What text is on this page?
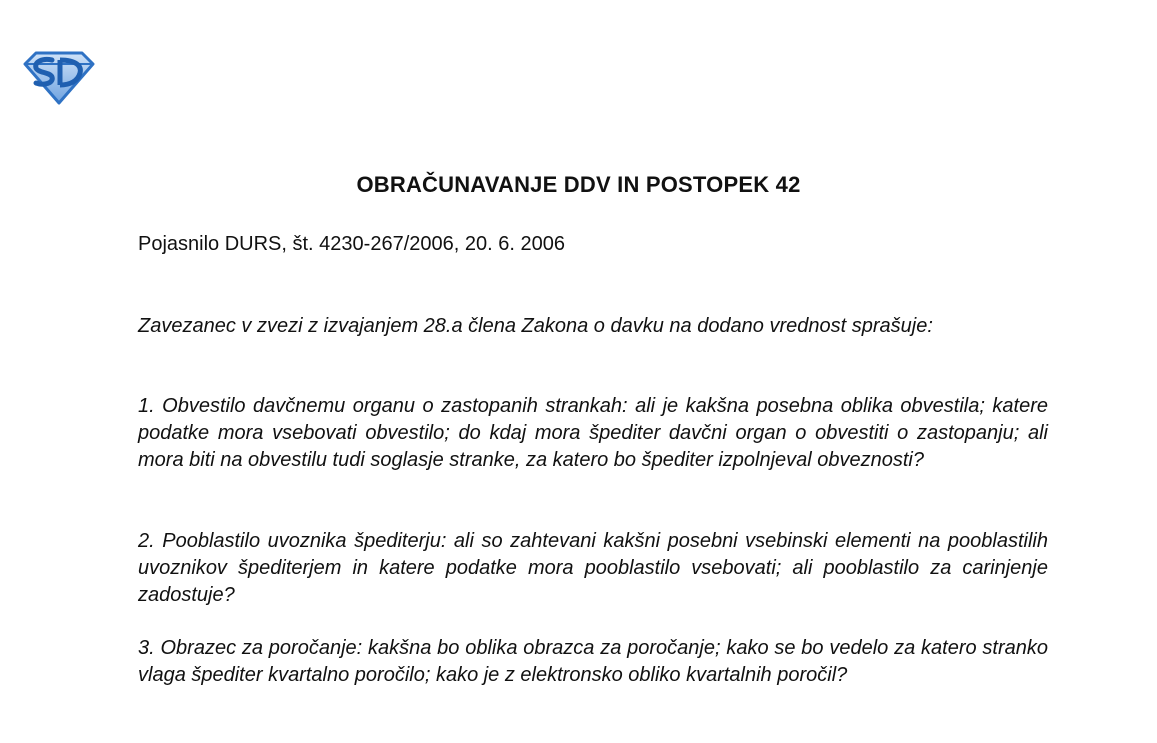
OBRAČUNAVANJE DDV IN POSTOPEK 42

Pojasnilo DURS, št. 4230-267/2006, 20. 6. 2006

Zavezanec v zvezi z izvajanjem 28.a člena Zakona o davku na dodano vrednost sprašuje:

1. Obvestilo davčnemu organu o zastopanih strankah: ali je kakšna posebna oblika obvestila; katere podatke mora vsebovati obvestilo; do kdaj mora špediter davčni organ o obvestiti o zastopanju; ali mora biti na obvestilu tudi soglasje stranke, za katero bo špediter izpolnjeval obveznosti?

2. Pooblastilo uvoznika špediterju: ali so zahtevani kakšni posebni vsebinski elementi na pooblastilih uvoznikov špediterjem in katere podatke mora pooblastilo vsebovati; ali pooblastilo za carinjenje zadostuje?

3. Obrazec za poročanje: kakšna bo oblika obrazca za poročanje; kako se bo vedelo za katero stranko vlaga špediter kvartalno poročilo; kako je z elektronsko obliko kvartalnih poročil?
